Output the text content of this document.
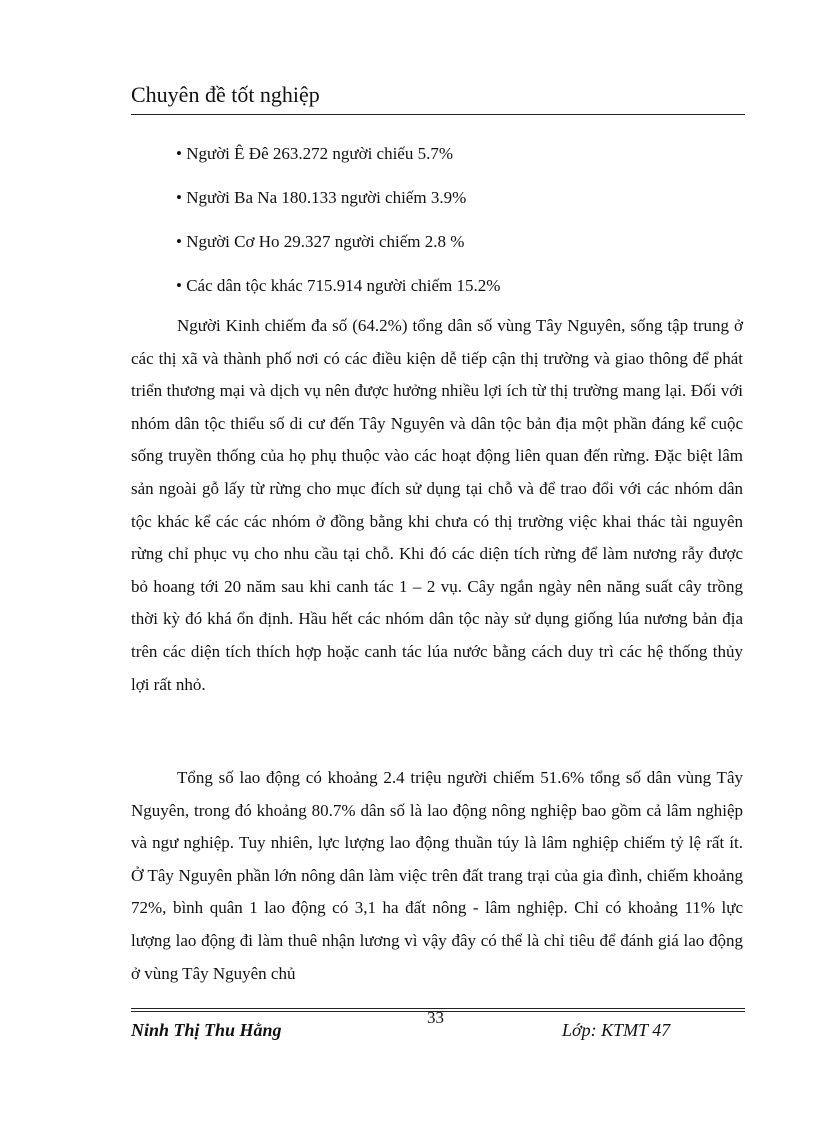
Chuyên đề tốt nghiệp
• Người Ê Đê 263.272 người chiếu 5.7%
• Người Ba Na 180.133 người chiếm 3.9%
• Người Cơ Ho 29.327 người chiếm 2.8 %
• Các dân tộc khác 715.914 người chiếm 15.2%

Người Kinh chiếm đa số (64.2%) tổng dân số vùng Tây Nguyên, sống tập trung ở các thị xã và thành phố nơi có các điều kiện dễ tiếp cận thị trường và giao thông để phát triển thương mại và dịch vụ nên được hưởng nhiều lợi ích từ thị trường mang lại. Đối với nhóm dân tộc thiểu số di cư đến Tây Nguyên và dân tộc bản địa một phần đáng kể cuộc sống truyền thống của họ phụ thuộc vào các hoạt động liên quan đến rừng. Đặc biệt lâm sản ngoài gỗ lấy từ rừng cho mục đích sử dụng tại chỗ và để trao đổi với các nhóm dân tộc khác kể các các nhóm ở đồng bằng khi chưa có thị trường việc khai thác tài nguyên rừng chỉ phục vụ cho nhu cầu tại chỗ. Khi đó các diện tích rừng để làm nương rẫy được bỏ hoang tới 20 năm sau khi canh tác 1 – 2 vụ. Cây ngắn ngày nên năng suất cây trồng thời kỳ đó khá ổn định. Hầu hết các nhóm dân tộc này sử dụng giống lúa nương bản địa trên các diện tích thích hợp hoặc canh tác lúa nước bằng cách duy trì các hệ thống thủy lợi rất nhỏ.

Tổng số lao động có khoảng 2.4 triệu người chiếm 51.6% tổng số dân vùng Tây Nguyên, trong đó khoảng 80.7% dân số là lao động nông nghiệp bao gồm cả lâm nghiệp và ngư nghiệp. Tuy nhiên, lực lượng lao động thuần túy là lâm nghiệp chiếm tỷ lệ rất ít. Ở Tây Nguyên phần lớn nông dân làm việc trên đất trang trại của gia đình, chiếm khoảng 72%, bình quân 1 lao động có 3,1 ha đất nông - lâm nghiệp. Chỉ có khoảng 11% lực lượng lao động đi làm thuê nhận lương vì vậy đây có thể là chỉ tiêu để đánh giá lao động ở vùng Tây Nguyên chủ

33
Ninh Thị Thu Hằng	Lớp: KTMT 47
